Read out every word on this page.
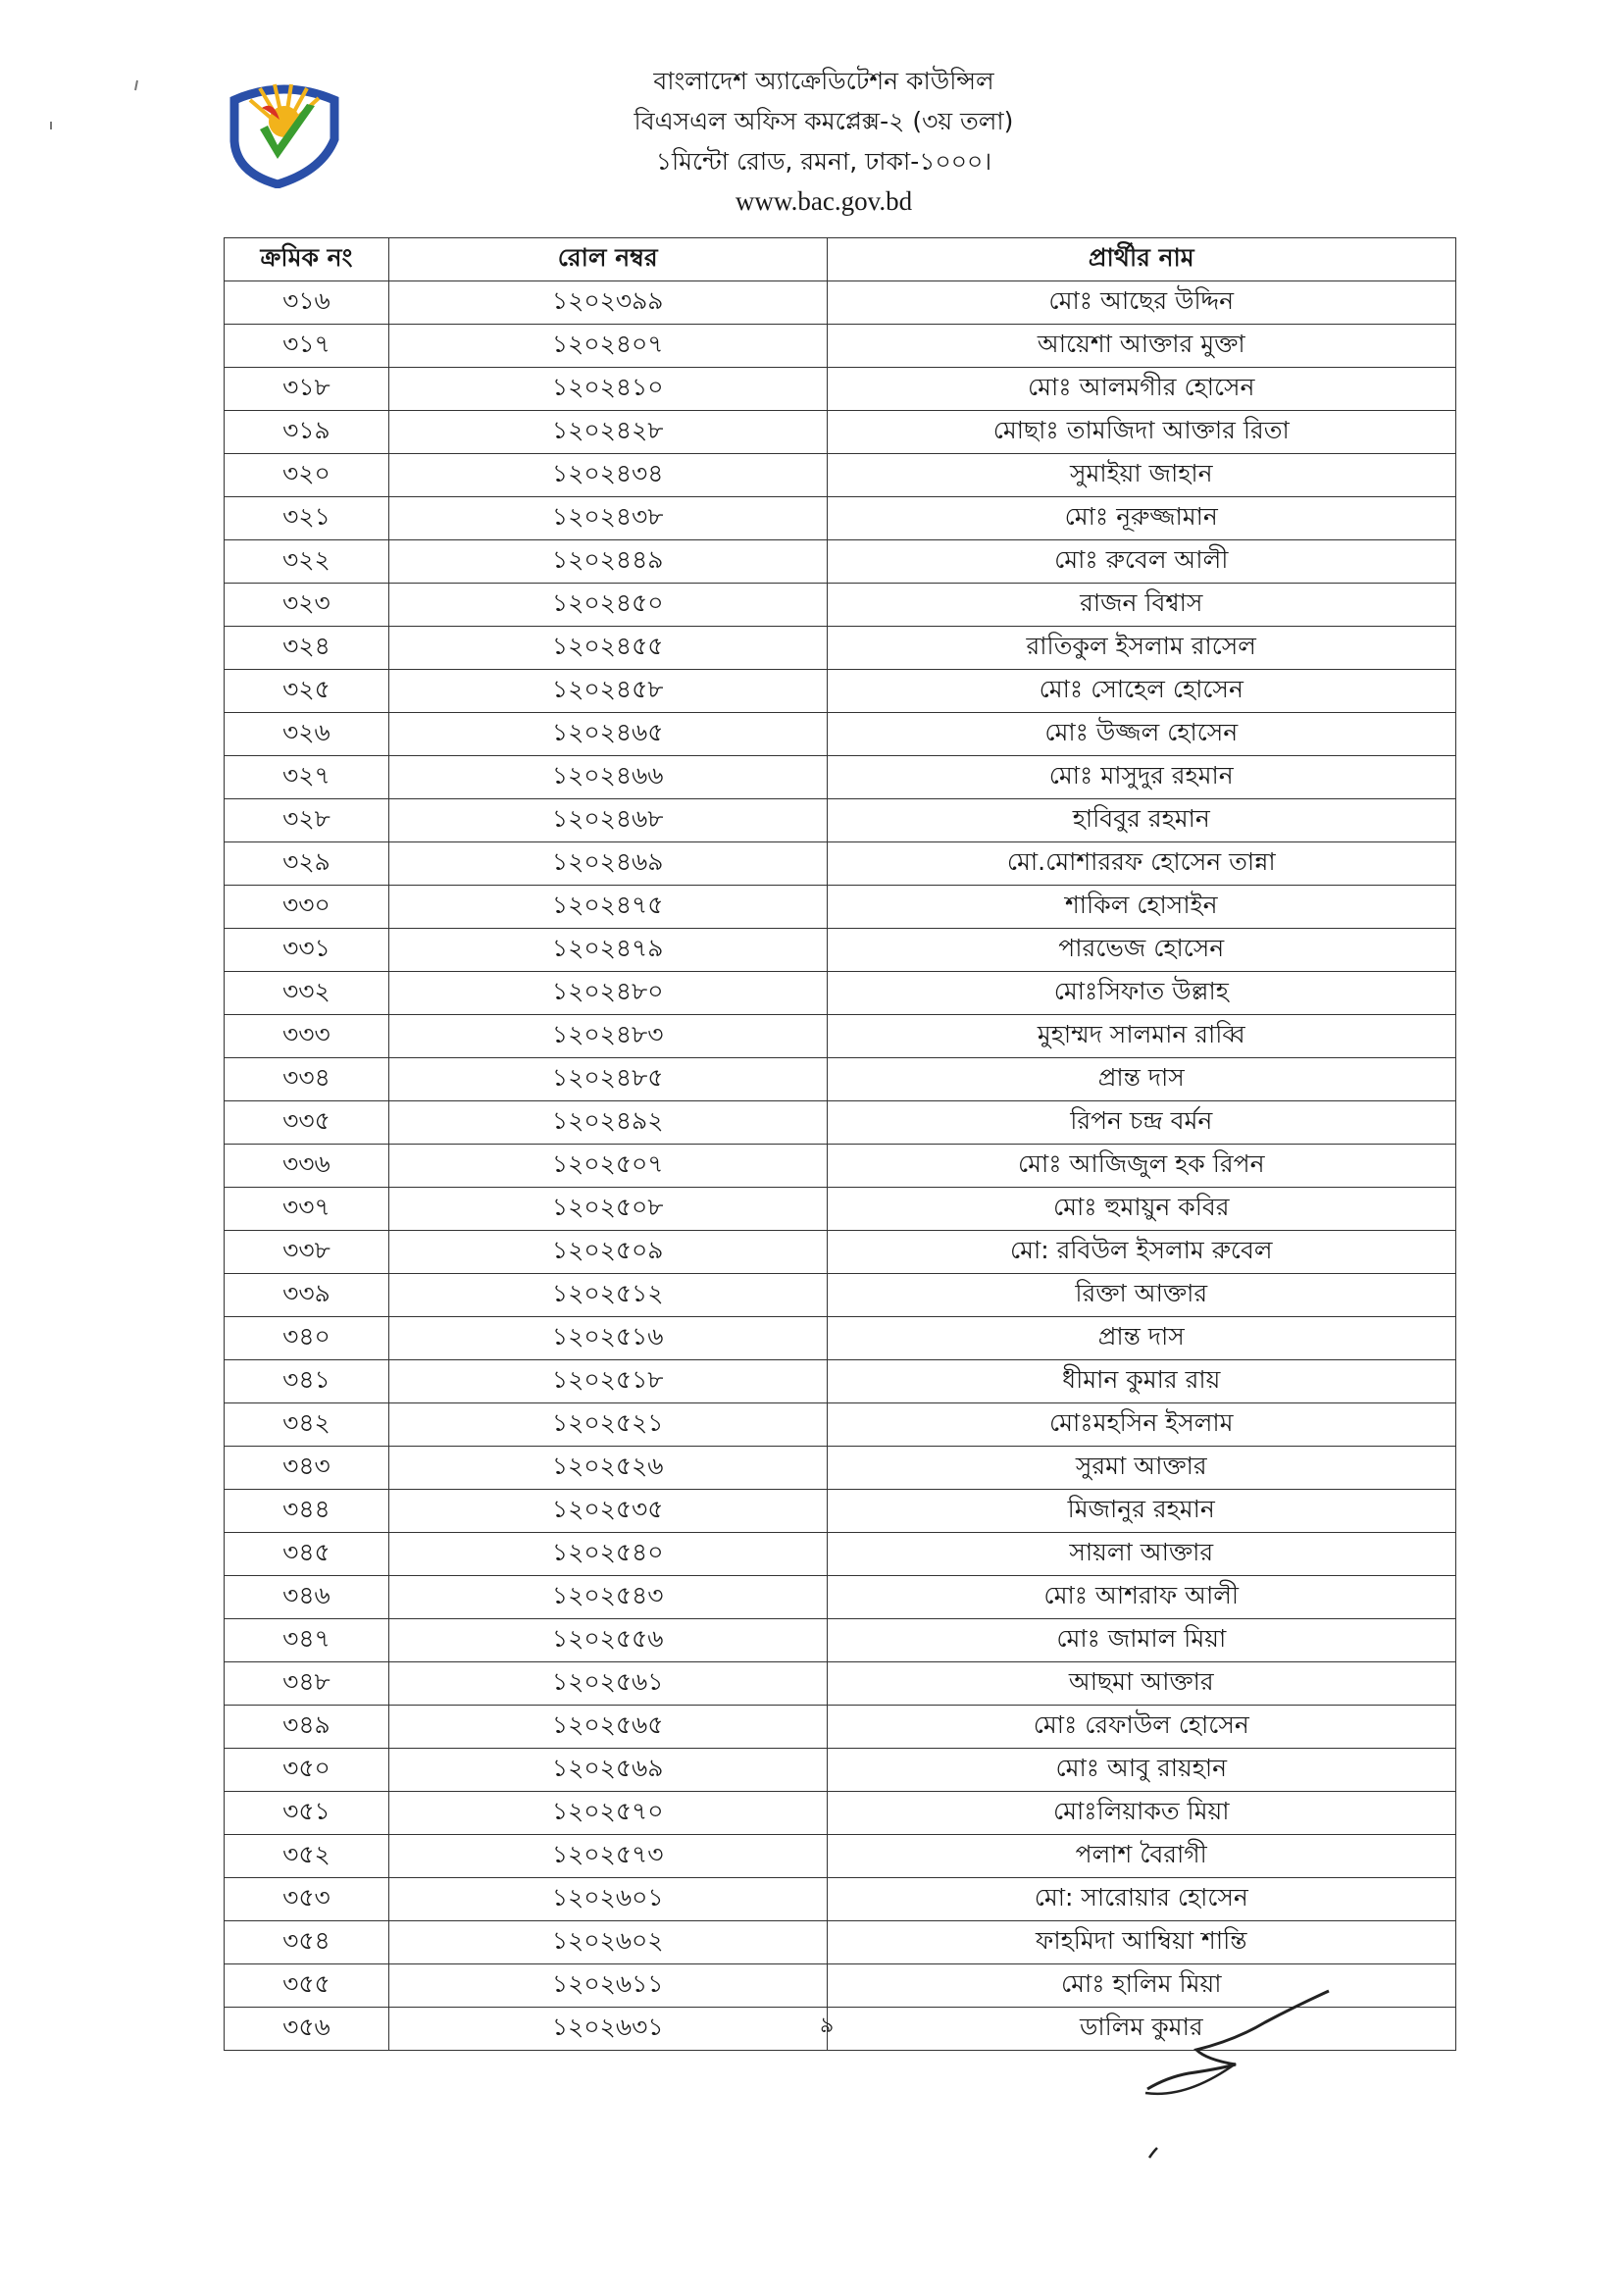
বাংলাদেশ অ্যাক্রেডিটেশন কাউন্সিল
বিএসএল অফিস কমপ্লেক্স-২ (৩য় তলা)
১মিন্টো রোড, রমনা, ঢাকা-১০০০।
www.bac.gov.bd
ক্রমিক নং	রোল নম্বর	প্রার্থীর নাম
৩১৬	১২০২৩৯৯	মোঃ আছের উদ্দিন
৩১৭	১২০২৪০৭	আয়েশা আক্তার মুক্তা
৩১৮	১২০২৪১০	মোঃ আলমগীর হোসেন
৩১৯	১২০২৪২৮	মোছাঃ তামজিদা আক্তার রিতা
৩২০	১২০২৪৩৪	সুমাইয়া জাহান
৩২১	১২০২৪৩৮	মোঃ নূরুজ্জামান
৩২২	১২০২৪৪৯	মোঃ রুবেল আলী
৩২৩	১২০২৪৫০	রাজন বিশ্বাস
৩২৪	১২০২৪৫৫	রাতিকুল ইসলাম রাসেল
৩২৫	১২০২৪৫৮	মোঃ সোহেল হোসেন
৩২৬	১২০২৪৬৫	মোঃ উজ্জল হোসেন
৩২৭	১২০২৪৬৬	মোঃ মাসুদুর রহমান
৩২৮	১২০২৪৬৮	হাবিবুর রহমান
৩২৯	১২০২৪৬৯	মো.মোশাররফ হোসেন তান্না
৩৩০	১২০২৪৭৫	শাকিল হোসাইন
৩৩১	১২০২৪৭৯	পারভেজ হোসেন
৩৩২	১২০২৪৮০	মোঃসিফাত উল্লাহ
৩৩৩	১২০২৪৮৩	মুহাম্মদ সালমান রাব্বি
৩৩৪	১২০২৪৮৫	প্রান্ত দাস
৩৩৫	১২০২৪৯২	রিপন চন্দ্র বর্মন
৩৩৬	১২০২৫০৭	মোঃ আজিজুল হক রিপন
৩৩৭	১২০২৫০৮	মোঃ হুমায়ুন কবির
৩৩৮	১২০২৫০৯	মো: রবিউল ইসলাম রুবেল
৩৩৯	১২০২৫১২	রিক্তা আক্তার
৩৪০	১২০২৫১৬	প্রান্ত দাস
৩৪১	১২০২৫১৮	ধীমান কুমার রায়
৩৪২	১২০২৫২১	মোঃমহসিন ইসলাম
৩৪৩	১২০২৫২৬	সুরমা আক্তার
৩৪৪	১২০২৫৩৫	মিজানুর রহমান
৩৪৫	১২০২৫৪০	সায়লা আক্তার
৩৪৬	১২০২৫৪৩	মোঃ আশরাফ আলী
৩৪৭	১২০২৫৫৬	মোঃ জামাল মিয়া
৩৪৮	১২০২৫৬১	আছমা আক্তার
৩৪৯	১২০২৫৬৫	মোঃ রেফাউল হোসেন
৩৫০	১২০২৫৬৯	মোঃ আবু রায়হান
৩৫১	১২০২৫৭০	মোঃলিয়াকত মিয়া
৩৫২	১২০২৫৭৩	পলাশ বৈরাগী
৩৫৩	১২০২৬০১	মো: সারোয়ার হোসেন
৩৫৪	১২০২৬০২	ফাহমিদা আম্বিয়া শান্তি
৩৫৫	১২০২৬১১	মোঃ হালিম মিয়া
৩৫৬	১২০২৬৩১	ডালিম কুমার
৯
